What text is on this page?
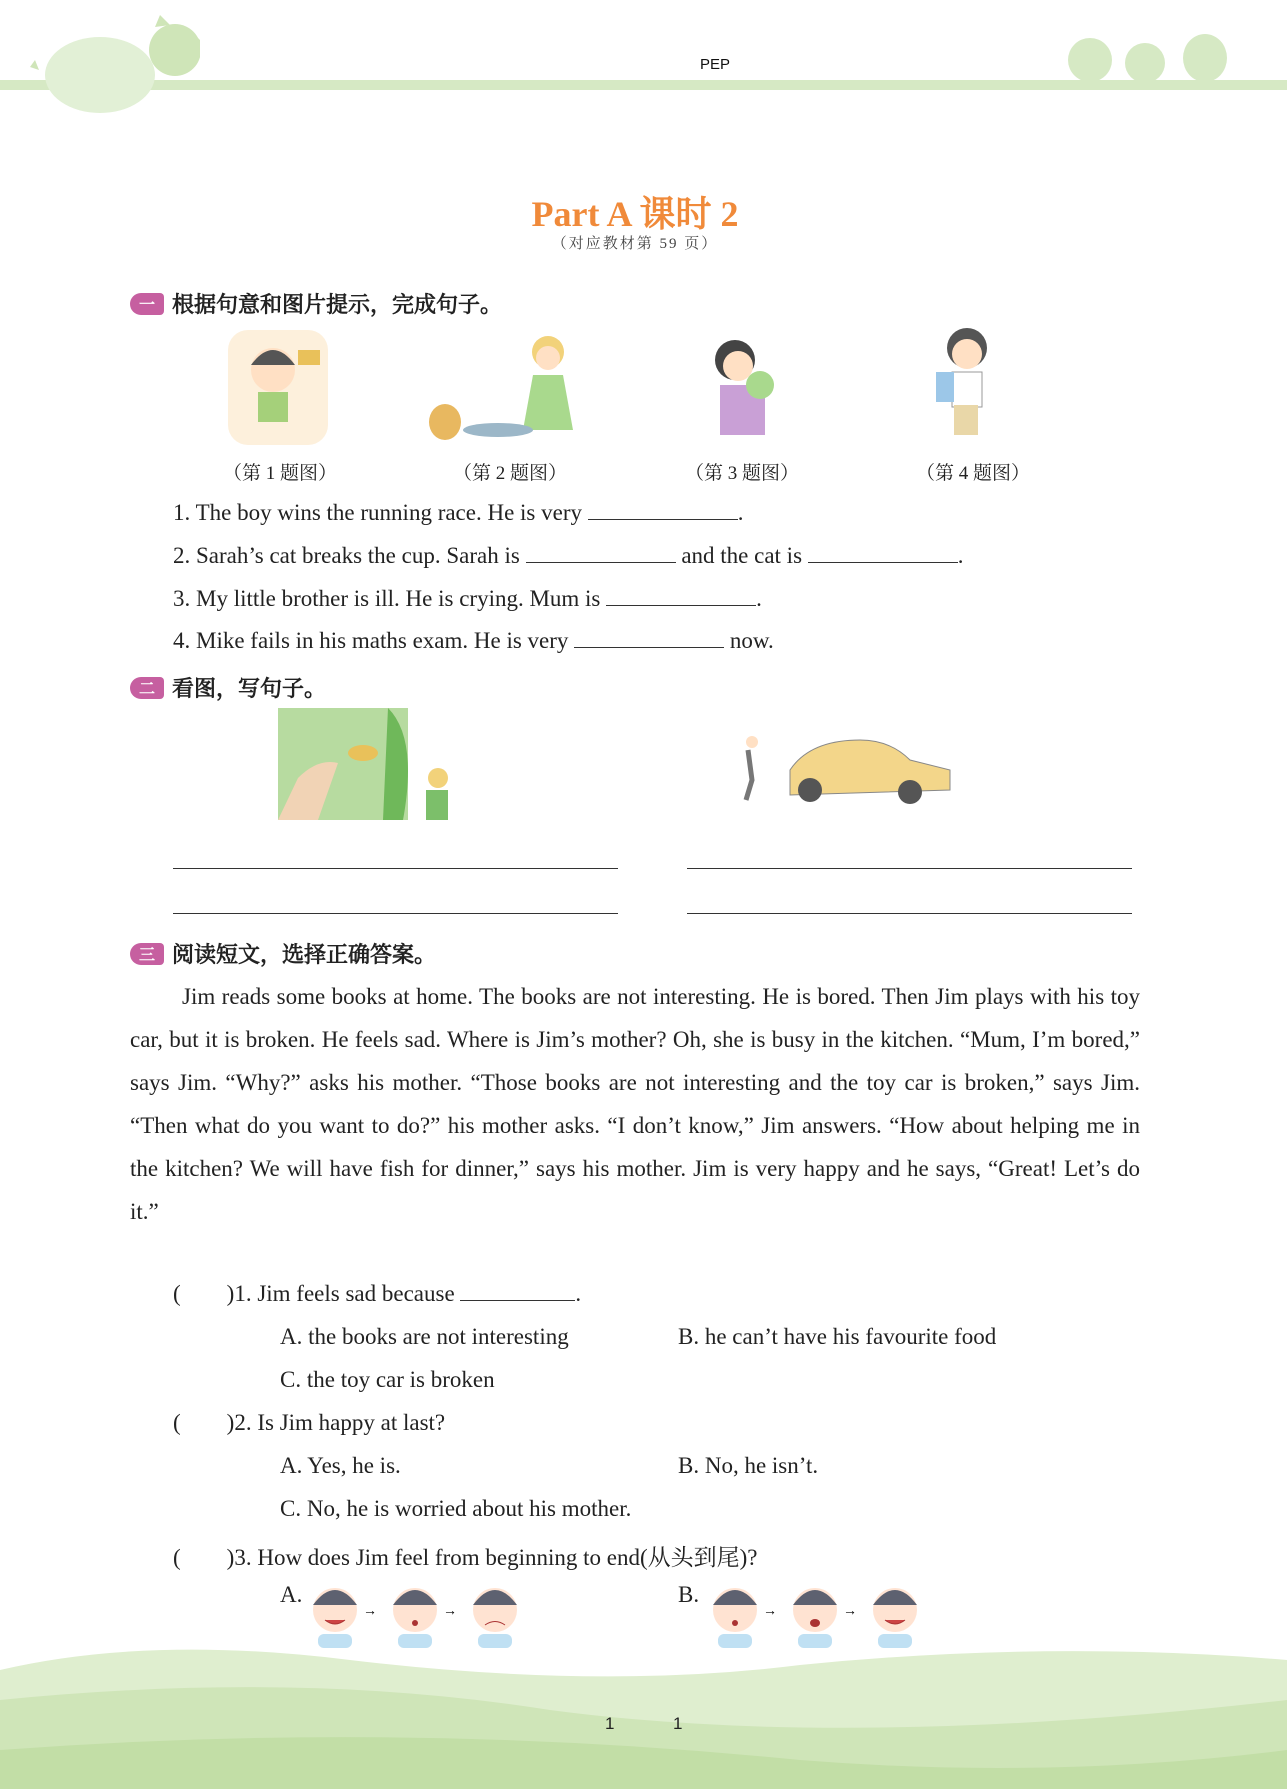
PEP
Part A 课时 2
（对应教材第 59 页）
一 根据句意和图片提示，完成句子。
（第 1 题图）	（第 2 题图）	（第 3 题图）	（第 4 题图）
1. The boy wins the running race. He is very	.
2. Sarah’s cat breaks the cup. Sarah is	and the cat is	.
3. My little brother is ill. He is crying. Mum is	.
4. Mike fails in his maths exam. He is very	now.
二 看图，写句子。
三 阅读短文，选择正确答案。
Jim reads some books at home. The books are not interesting. He is bored. Then Jim plays with his toy car, but it is broken. He feels sad. Where is Jim’s mother? Oh, she is busy in the kitchen. “Mum, I’m bored,” says Jim. “Why?” asks his mother. “Those books are not interesting and the toy car is broken,” says Jim. “Then what do you want to do?” his mother asks. “I don’t know,” Jim answers. “How about helping me in the kitchen? We will have fish for dinner,” says his mother. Jim is very happy and he says, “Great! Let’s do it.”
(        )1. Jim feels sad because	.
A. the books are not interesting	B. he can’t have his favourite food
C. the toy car is broken
(        )2. Is Jim happy at last?
A. Yes, he is.	B. No, he isn’t.
C. No, he is worried about his mother.
(        )3. How does Jim feel from beginning to end(从头到尾)?
A.	B.
→	→	→	→
1	1
